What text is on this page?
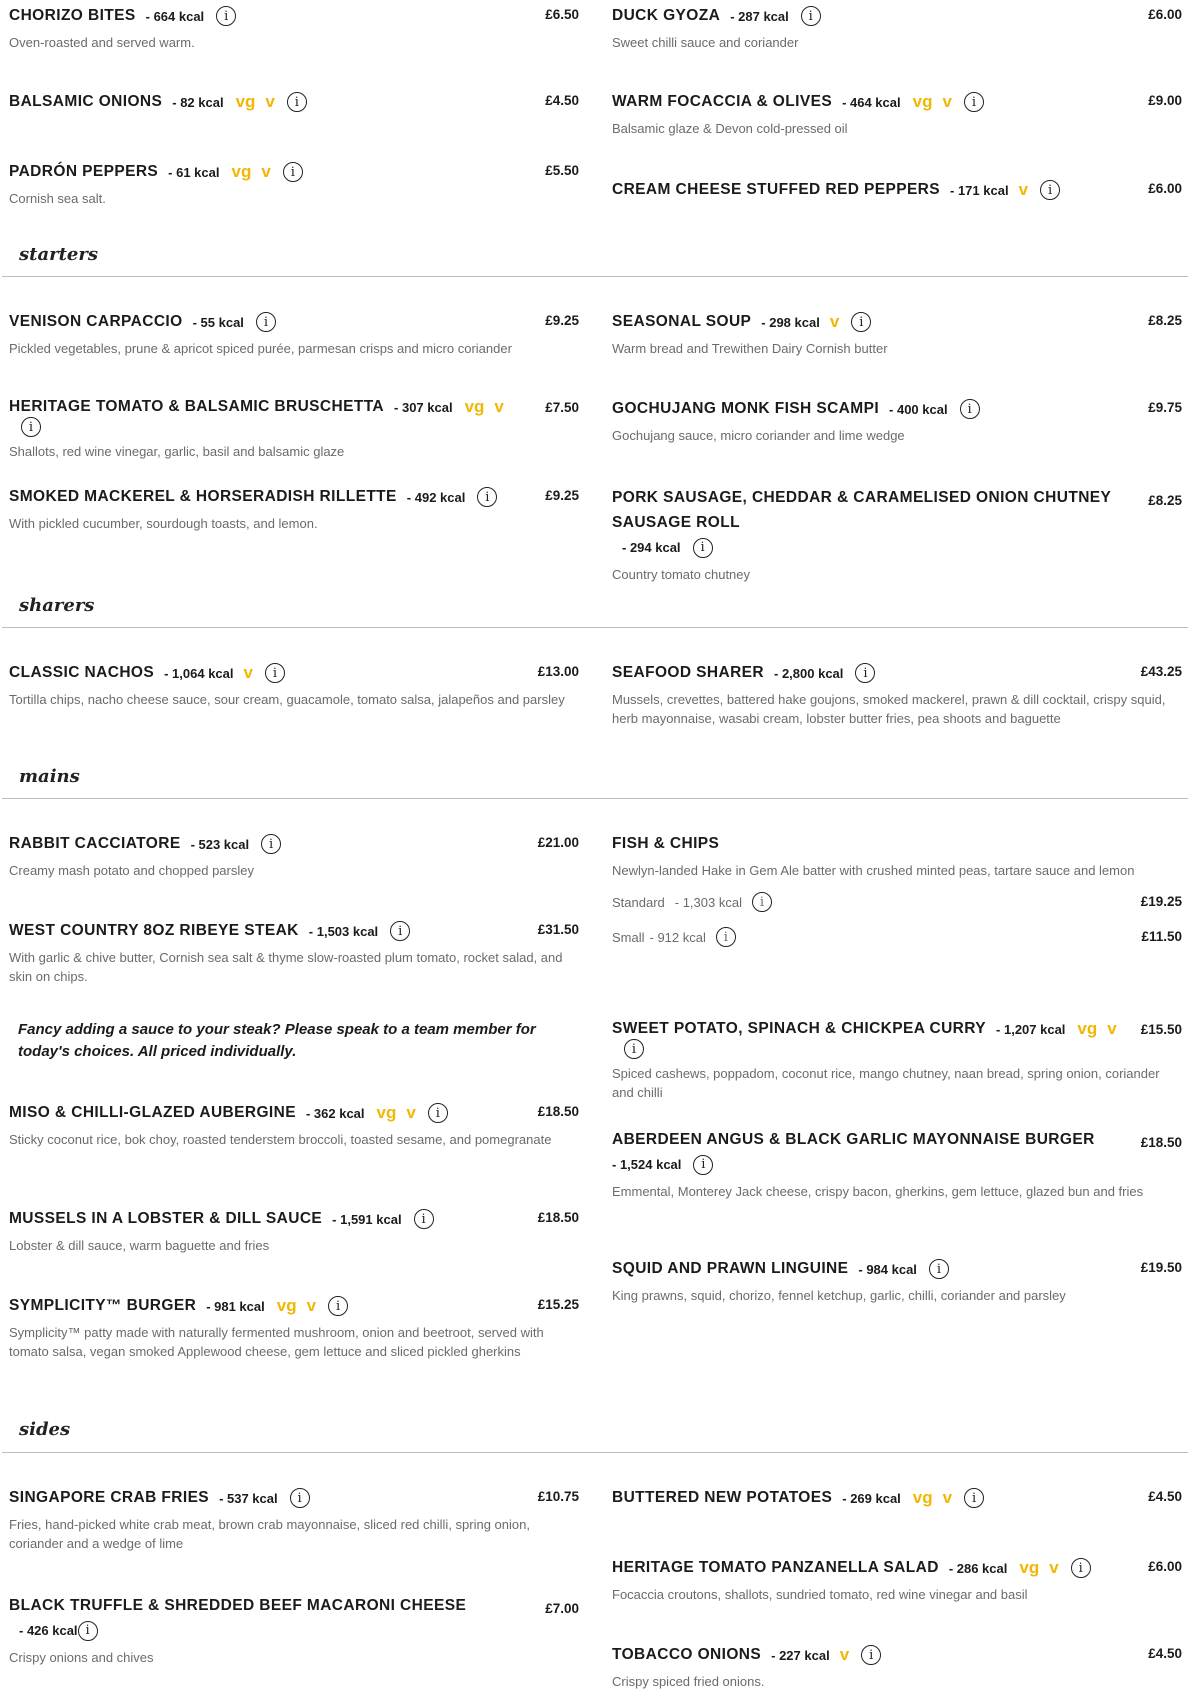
CHORIZO BITES - 664 kcal	i	£6.50
Oven-roasted and served warm.
DUCK GYOZA - 287 kcal	i	£6.00
Sweet chilli sauce and coriander
BALSAMIC ONIONS - 82 kcal vg v	i	£4.50 WARM FOCACCIA & OLIVES - 464 kcal vg v	i	£9.00
Balsamic glaze & Devon cold-pressed oil
PADRÓN PEPPERS - 61 kcal vg v	i	£5.50
Cornish sea salt.
CREAM CHEESE STUFFED RED PEPPERS - 171 kcal v	i	£6.00
starters
VENISON CARPACCIO - 55 kcal	i	£9.25
Pickled vegetables, prune & apricot spiced purée, parmesan crisps and micro coriander
SEASONAL SOUP - 298 kcal v	i	£8.25
Warm bread and Trewithen Dairy Cornish butter
HERITAGE TOMATO & BALSAMIC BRUSCHETTA - 307 kcal vg v
i
£7.50
Shallots, red wine vinegar, garlic, basil and balsamic glaze
GOCHUJANG MONK FISH SCAMPI - 400 kcal	i	£9.75
Gochujang sauce, micro coriander and lime wedge
SMOKED MACKEREL & HORSERADISH RILLETTE - 492 kcal	i	£9.25
With pickled cucumber, sourdough toasts, and lemon.
PORK SAUSAGE, CHEDDAR & CARAMELISED ONION CHUTNEY SAUSAGE ROLL
- 294 kcal	i
£8.25
Country tomato chutney
sharers
CLASSIC NACHOS - 1,064 kcal v	i	£13.00
Tortilla chips, nacho cheese sauce, sour cream, guacamole, tomato salsa, jalapeños and parsley
SEAFOOD SHARER - 2,800 kcal	i	£43.25
Mussels, crevettes, battered hake goujons, smoked mackerel, prawn & dill cocktail, crispy squid, herb mayonnaise, wasabi cream, lobster butter fries, pea shoots and baguette
mains
RABBIT CACCIATORE - 523 kcal	i	£21.00
Creamy mash potato and chopped parsley
FISH & CHIPS
Newlyn-landed Hake in Gem Ale batter with crushed minted peas, tartare sauce and lemon
Standard - 1,303 kcal	i	£19.25
Small - 912 kcal	i	£11.50
WEST COUNTRY 8OZ RIBEYE STEAK - 1,503 kcal	i	£31.50
With garlic & chive butter, Cornish sea salt & thyme slow-roasted plum tomato, rocket salad, and skin on chips.
Fancy adding a sauce to your steak? Please speak to a team member for today's choices. All priced individually.
SWEET POTATO, SPINACH & CHICKPEA CURRY - 1,207 kcal vg v
i
£15.50
Spiced cashews, poppadom, coconut rice, mango chutney, naan bread, spring onion, coriander and chilli
MISO & CHILLI-GLAZED AUBERGINE - 362 kcal vg v	i	£18.50
Sticky coconut rice, bok choy, roasted tenderstem broccoli, toasted sesame, and pomegranate	ABERDEEN ANGUS & BLACK GARLIC MAYONNAISE BURGER
- 1,524 kcal	i
£18.50
Emmental, Monterey Jack cheese, crispy bacon, gherkins, gem lettuce, glazed bun and fries
MUSSELS IN A LOBSTER & DILL SAUCE - 1,591 kcal	i	£18.50
Lobster & dill sauce, warm baguette and fries
SQUID AND PRAWN LINGUINE - 984 kcal	i	£19.50
King prawns, squid, chorizo, fennel ketchup, garlic, chilli, coriander and parsley
SYMPLICITY™ BURGER - 981 kcal vg v	i	£15.25
Symplicity™ patty made with naturally fermented mushroom, onion and beetroot, served with tomato salsa, vegan smoked Applewood cheese, gem lettuce and sliced pickled gherkins
sides
SINGAPORE CRAB FRIES - 537 kcal	i	£10.75
Fries, hand-picked white crab meat, brown crab mayonnaise, sliced red chilli, spring onion, coriander and a wedge of lime
BUTTERED NEW POTATOES - 269 kcal vg v	i	£4.50
HERITAGE TOMATO PANZANELLA SALAD - 286 kcal vg v	i	£6.00
Focaccia croutons, shallots, sundried tomato, red wine vinegar and basil
BLACK TRUFFLE & SHREDDED BEEF MACARONI CHEESE
- 426 kcal i
£7.00
Crispy onions and chives	TOBACCO ONIONS - 227 kcal v	i	£4.50
Crispy spiced fried onions.
